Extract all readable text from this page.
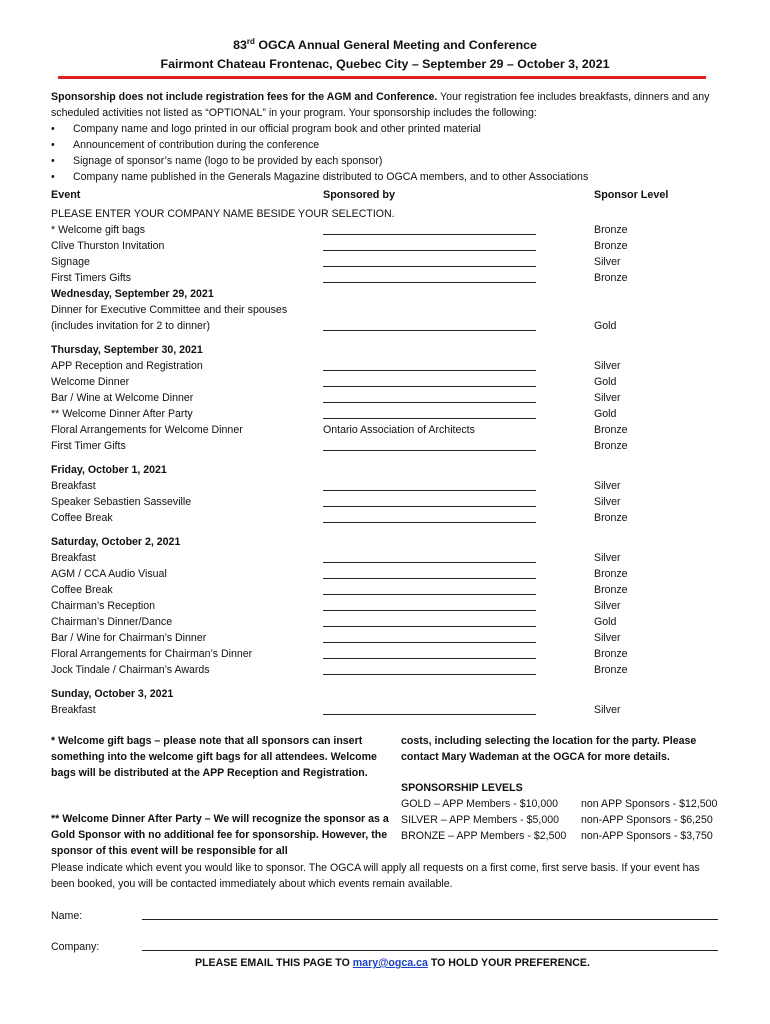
83rd OGCA Annual General Meeting and Conference
Fairmont Chateau Frontenac, Quebec City – September 29 – October 3, 2021
Sponsorship does not include registration fees for the AGM and Conference. Your registration fee includes breakfasts, dinners and any scheduled activities not listed as “OPTIONAL” in your program. Your sponsorship includes the following:
• Company name and logo printed in our official program book and other printed material
• Announcement of contribution during the conference
• Signage of sponsor’s name (logo to be provided by each sponsor)
• Company name published in the Generals Magazine distributed to OGCA members, and to other Associations
Event	Sponsored by	Sponsor Level
PLEASE ENTER YOUR COMPANY NAME BESIDE YOUR SELECTION.
* Welcome gift bags	Bronze
Clive Thurston Invitation	Bronze
Signage	Silver
First Timers Gifts	Bronze
Wednesday, September 29, 2021
Dinner for Executive Committee and their spouses
(includes invitation for 2 to dinner)	Gold
Thursday, September 30, 2021
APP Reception and Registration	Silver
Welcome Dinner	Gold
Bar / Wine at Welcome Dinner	Silver
** Welcome Dinner After Party	Gold
Floral Arrangements for Welcome Dinner	Ontario Association of Architects	Bronze
First Timer Gifts	Bronze
Friday, October 1, 2021
Breakfast	Silver
Speaker Sebastien Sasseville	Silver
Coffee Break	Bronze
Saturday, October 2, 2021
Breakfast	Silver
AGM / CCA Audio Visual	Bronze
Coffee Break	Bronze
Chairman’s Reception	Silver
Chairman’s Dinner/Dance	Gold
Bar / Wine for Chairman’s Dinner	Silver
Floral Arrangements for Chairman’s Dinner	Bronze
Jock Tindale / Chairman’s Awards	Bronze
Sunday, October 3, 2021
Breakfast	Silver
* Welcome gift bags – please note that all sponsors can insert something into the welcome gift bags for all attendees. Welcome bags will be distributed at the APP Reception and Registration.
** Welcome Dinner After Party – We will recognize the sponsor as a Gold Sponsor with no additional fee for sponsorship. However, the sponsor of this event will be responsible for all
costs, including selecting the location for the party. Please contact Mary Wademan at the OGCA for more details.
SPONSORSHIP LEVELS
GOLD – APP Members - $10,000 non APP Sponsors - $12,500
SILVER – APP Members - $5,000 non-APP Sponsors - $6,250
BRONZE – APP Members - $2,500 non-APP Sponsors - $3,750
Please indicate which event you would like to sponsor. The OGCA will apply all requests on a first come, first serve basis. If your event has been booked, you will be contacted immediately about which events remain available.
Name:
Company:
PLEASE EMAIL THIS PAGE TO mary@ogca.ca TO HOLD YOUR PREFERENCE.
